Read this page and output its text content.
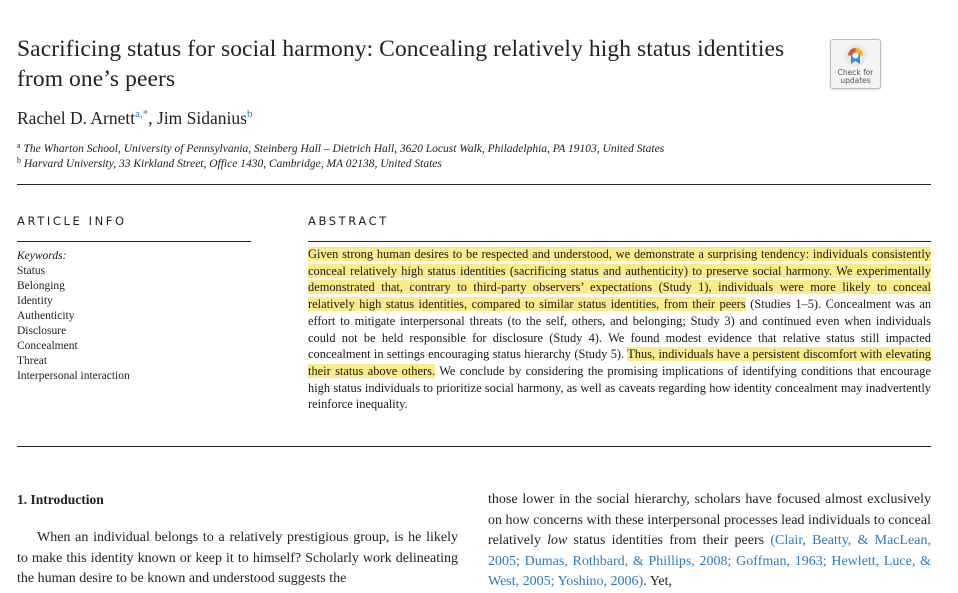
Sacrificing status for social harmony: Concealing relatively high status identities from one’s peers	Check for
updates
Rachel D. Arnett$^{a,*}$, Jim Sidanius$^b$
$^a$ The Wharton School, University of Pennsylvania, Steinberg Hall – Dietrich Hall, 3620 Locust Walk, Philadelphia, PA 19103, United States
$^b$ Harvard University, 33 Kirkland Street, Office 1430, Cambridge, MA 02138, United States
ARTICLE INFO
Keywords:
Status
Belonging
Identity
Authenticity
Disclosure
Concealment
Threat
Interpersonal interaction
ABSTRACT

Given strong human desires to be respected and understood, we demonstrate a surprising tendency: individuals consistently conceal relatively high status identities (sacrificing status and authenticity) to preserve social harmony. We experimentally demonstrated that, contrary to third-party observers’ expectations (Study 1), individuals were more likely to conceal relatively high status identities, compared to similar status identities, from their peers (Studies 1–5). Concealment was an effort to mitigate interpersonal threats (to the self, others, and belonging; Study 3) and continued even when individuals could not be held responsible for disclosure (Study 4). We found modest evidence that relative status still impacted concealment in settings encouraging status hierarchy (Study 5). Thus, individuals have a persistent discomfort with elevating their status above others. We conclude by considering the promising implications of identifying conditions that encourage high status individuals to prioritize social harmony, as well as caveats regarding how identity concealment may inadvertently reinforce inequality.

1. Introduction

When an individual belongs to a relatively prestigious group, is he likely to make this identity known or keep it to himself? Scholarly work delineating the human desire to be known and understood suggests the

those lower in the social hierarchy, scholars have focused almost exclusively on how concerns with these interpersonal processes lead individuals to conceal relatively low status identities from their peers (Clair, Beatty, & MacLean, 2005; Dumas, Rothbard, & Phillips, 2008; Goffman, 1963; Hewlett, Luce, & West, 2005; Yoshino, 2006). Yet,
